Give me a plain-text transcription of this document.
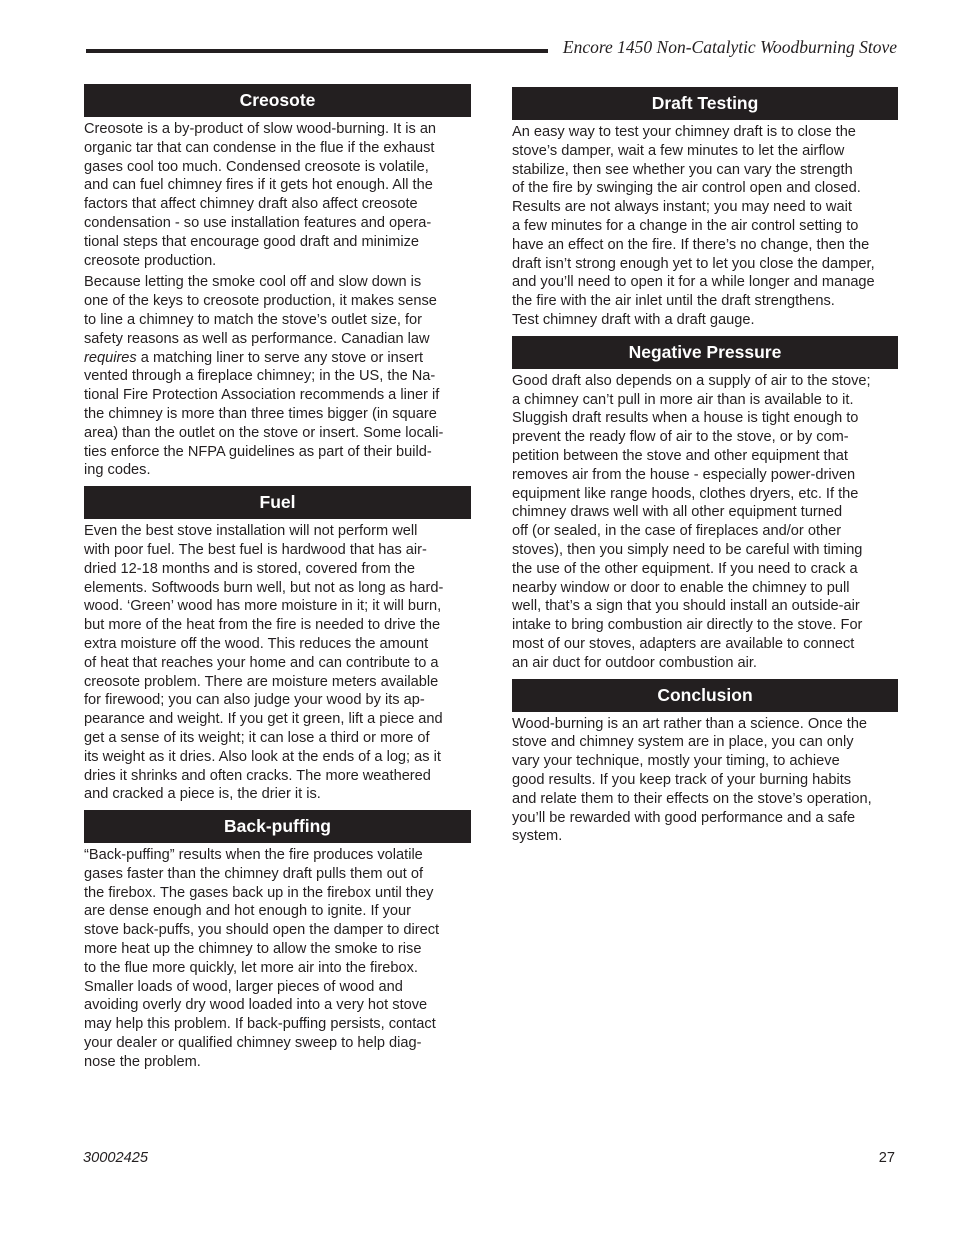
Encore 1450 Non-Catalytic Woodburning Stove
Creosote

Creosote is a by-product of slow wood-burning. It is an
organic tar that can condense in the flue if the exhaust
gases cool too much. Condensed creosote is volatile,
and can fuel chimney fires if it gets hot enough. All the
factors that affect chimney draft also affect creosote
condensation - so use installation features and opera-
tional steps that encourage good draft and minimize
creosote production.

Because letting the smoke cool off and slow down is
one of the keys to creosote production, it makes sense
to line a chimney to match the stove’s outlet size, for
safety reasons as well as performance. Canadian law
requires a matching liner to serve any stove or insert
vented through a fireplace chimney; in the US, the Na-
tional Fire Protection Association recommends a liner if
the chimney is more than three times bigger (in square
area) than the outlet on the stove or insert. Some locali-
ties enforce the NFPA guidelines as part of their build-
ing codes.

Fuel

Even the best stove installation will not perform well
with poor fuel. The best fuel is hardwood that has air-
dried 12-18 months and is stored, covered from the
elements. Softwoods burn well, but not as long as hard-
wood. ‘Green’ wood has more moisture in it; it will burn,
but more of the heat from the fire is needed to drive the
extra moisture off the wood. This reduces the amount
of heat that reaches your home and can contribute to a
creosote problem. There are moisture meters available
for firewood; you can also judge your wood by its ap-
pearance and weight. If you get it green, lift a piece and
get a sense of its weight; it can lose a third or more of
its weight as it dries. Also look at the ends of a log; as it
dries it shrinks and often cracks. The more weathered
and cracked a piece is, the drier it is.

Back-puffing

“Back-puffing” results when the fire produces volatile
gases faster than the chimney draft pulls them out of
the firebox. The gases back up in the firebox until they
are dense enough and hot enough to ignite. If your
stove back-puffs, you should open the damper to direct
more heat up the chimney to allow the smoke to rise
to the flue more quickly, let more air into the firebox.
Smaller loads of wood, larger pieces of wood and
avoiding overly dry wood loaded into a very hot stove
may help this problem. If back-puffing persists, contact
your dealer or qualified chimney sweep to help diag-
nose the problem.

Draft Testing

An easy way to test your chimney draft is to close the
stove’s damper, wait a few minutes to let the airflow
stabilize, then see whether you can vary the strength
of the fire by swinging the air control open and closed.
Results are not always instant; you may need to wait
a few minutes for a change in the air control setting to
have an effect on the fire. If there’s no change, then the
draft isn’t strong enough yet to let you close the damper,
and you’ll need to open it for a while longer and manage
the fire with the air inlet until the draft strengthens.
Test chimney draft with a draft gauge.

Negative Pressure

Good draft also depends on a supply of air to the stove;
a chimney can’t pull in more air than is available to it.
Sluggish draft results when a house is tight enough to
prevent the ready flow of air to the stove, or by com-
petition between the stove and other equipment that
removes air from the house - especially power-driven
equipment like range hoods, clothes dryers, etc. If the
chimney draws well with all other equipment turned
off (or sealed, in the case of fireplaces and/or other
stoves), then you simply need to be careful with timing
the use of the other equipment. If you need to crack a
nearby window or door to enable the chimney to pull
well, that’s a sign that you should install an outside-air
intake to bring combustion air directly to the stove. For
most of our stoves, adapters are available to connect
an air duct for outdoor combustion air.

Conclusion

Wood-burning is an art rather than a science. Once the
stove and chimney system are in place, you can only
vary your technique, mostly your timing, to achieve
good results. If you keep track of your burning habits
and relate them to their effects on the stove’s operation,
you’ll be rewarded with good performance and a safe
system.

30002425	27
